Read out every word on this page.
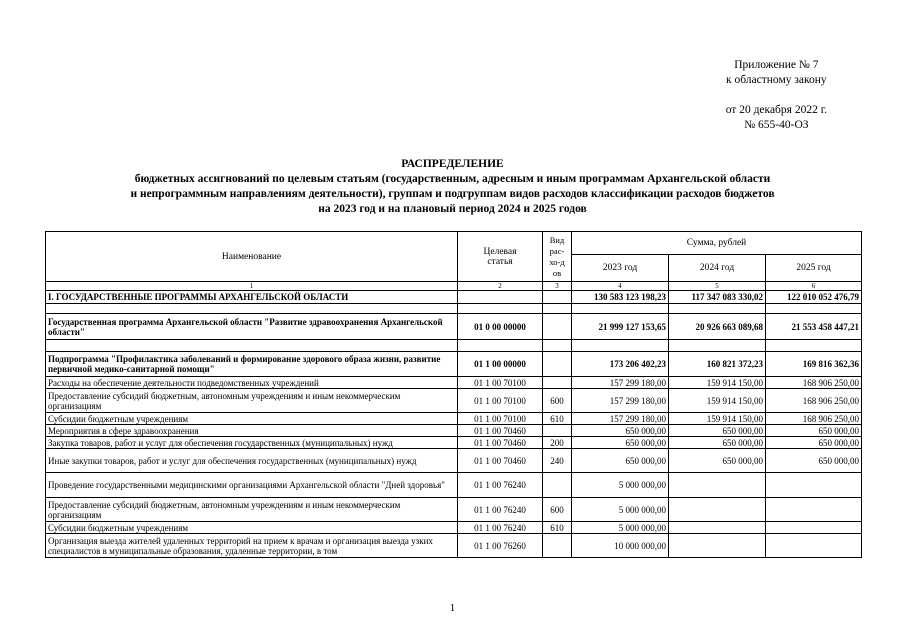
Приложение № 7
к областному закону
от 20 декабря 2022 г.
№ 655-40-ОЗ
РАСПРЕДЕЛЕНИЕ
бюджетных ассигнований по целевым статьям (государственным, адресным и иным программам Архангельской области
и непрограммным направлениям деятельности), группам и подгруппам видов расходов классификации расходов бюджетов
на 2023 год и на плановый период 2024 и 2025 годов
Наименование	Целевая статья	Вид рас-хо-дов	Сумма, рублей		
			2023 год	2024 год	2025 год
1	2	3	4	5	6
I. ГОСУДАРСТВЕННЫЕ ПРОГРАММЫ АРХАНГЕЛЬСКОЙ ОБЛАСТИ			130 583 123 198,23	117 347 083 330,02	122 010 052 476,79

Государственная программа Архангельской области "Развитие здравоохранения Архангельской области"	01 0 00 00000		21 999 127 153,65	20 926 663 089,68	21 553 458 447,21

Подпрограмма "Профилактика заболеваний и формирование здорового образа жизни, развитие первичной медико-санитарной помощи"	01 1 00 00000		173 206 402,23	160 821 372,23	169 816 362,36
Расходы на обеспечение деятельности подведомственных учреждений	01 1 00 70100		157 299 180,00	159 914 150,00	168 906 250,00
Предоставление субсидий бюджетным, автономным учреждениям и иным некоммерческим организациям	01 1 00 70100	600	157 299 180,00	159 914 150,00	168 906 250,00
Субсидии бюджетным учреждениям	01 1 00 70100	610	157 299 180,00	159 914 150,00	168 906 250,00
Мероприятия в сфере здравоохранения	01 1 00 70460		650 000,00	650 000,00	650 000,00
Закупка товаров, работ и услуг для обеспечения государственных (муниципальных) нужд	01 1 00 70460	200	650 000,00	650 000,00	650 000,00
Иные закупки товаров, работ и услуг для обеспечения государственных (муниципальных) нужд	01 1 00 70460	240	650 000,00	650 000,00	650 000,00
Проведение государственными медицинскими организациями Архангельской области "Дней здоровья"	01 1 00 76240		5 000 000,00		
Предоставление субсидий бюджетным, автономным учреждениям и иным некоммерческим организациям	01 1 00 76240	600	5 000 000,00		
Субсидии бюджетным учреждениям	01 1 00 76240	610	5 000 000,00		
Организация выезда жителей удаленных территорий на прием к врачам и организация выезда узких специалистов в муниципальные образования, удаленные территории, в том	01 1 00 76260		10 000 000,00		
1
